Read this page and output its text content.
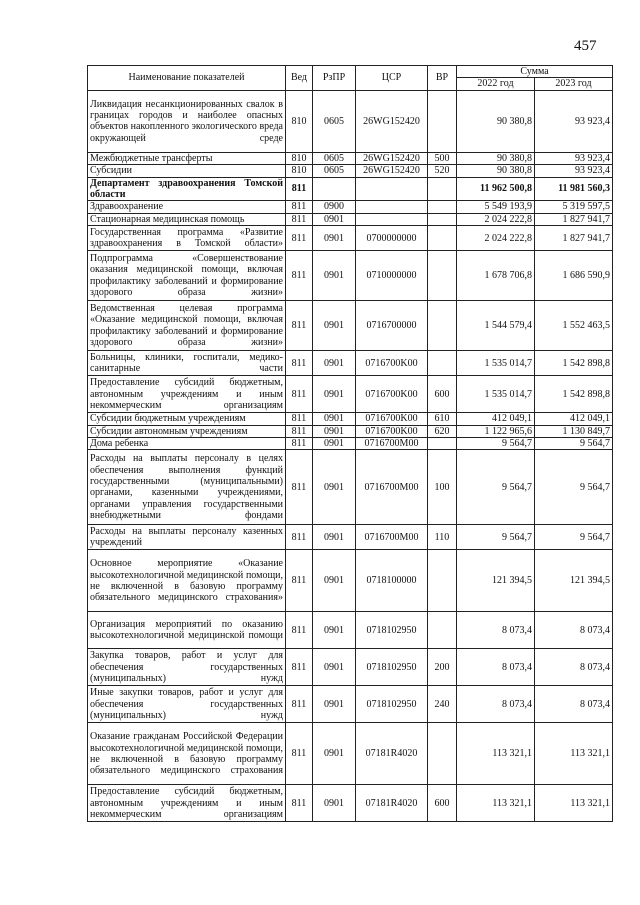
457
Наименование показателей	Вед	РзПР	ЦСР	ВР	Сумма	
					2022 год	2023 год
Ликвидация несанкционированных свалок в границах городов и наиболее опасных объектов накопленного экологического вреда окружающей среде	810	0605	26WG152420		90 380,8	93 923,4
Межбюджетные трансферты	810	0605	26WG152420	500	90 380,8	93 923,4
Субсидии	810	0605	26WG152420	520	90 380,8	93 923,4
Департамент здравоохранения Томской области	811				11 962 500,8	11 981 560,3
Здравоохранение	811	0900			5 549 193,9	5 319 597,5
Стационарная медицинская помощь	811	0901			2 024 222,8	1 827 941,7
Государственная программа «Развитие здравоохранения в Томской области»	811	0901	0700000000		2 024 222,8	1 827 941,7
Подпрограмма «Совершенствование оказания медицинской помощи, включая профилактику заболеваний и формирование здорового образа жизни»	811	0901	0710000000		1 678 706,8	1 686 590,9
Ведомственная целевая программа «Оказание медицинской помощи, включая профилактику заболеваний и формирование здорового образа жизни»	811	0901	0716700000		1 544 579,4	1 552 463,5
Больницы, клиники, госпитали, медико-санитарные части	811	0901	0716700K00		1 535 014,7	1 542 898,8
Предоставление субсидий бюджетным, автономным учреждениям и иным некоммерческим организациям	811	0901	0716700K00	600	1 535 014,7	1 542 898,8
Субсидии бюджетным учреждениям	811	0901	0716700K00	610	412 049,1	412 049,1
Субсидии автономным учреждениям	811	0901	0716700K00	620	1 122 965,6	1 130 849,7
Дома ребенка	811	0901	0716700M00		9 564,7	9 564,7
Расходы на выплаты персоналу в целях обеспечения выполнения функций государственными (муниципальными) органами, казенными учреждениями, органами управления государственными внебюджетными фондами	811	0901	0716700M00	100	9 564,7	9 564,7
Расходы на выплаты персоналу казенных учреждений	811	0901	0716700M00	110	9 564,7	9 564,7
Основное мероприятие «Оказание высокотехнологичной медицинской помощи, не включенной в базовую программу обязательного медицинского страхования»	811	0901	0718100000		121 394,5	121 394,5
Организация мероприятий по оказанию высокотехнологичной медицинской помощи	811	0901	0718102950		8 073,4	8 073,4
Закупка товаров, работ и услуг для обеспечения государственных (муниципальных) нужд	811	0901	0718102950	200	8 073,4	8 073,4
Иные закупки товаров, работ и услуг для обеспечения государственных (муниципальных) нужд	811	0901	0718102950	240	8 073,4	8 073,4
Оказание гражданам Российской Федерации высокотехнологичной медицинской помощи, не включенной в базовую программу обязательного медицинского страхования	811	0901	07181R4020		113 321,1	113 321,1
Предоставление субсидий бюджетным, автономным учреждениям и иным некоммерческим организациям	811	0901	07181R4020	600	113 321,1	113 321,1
